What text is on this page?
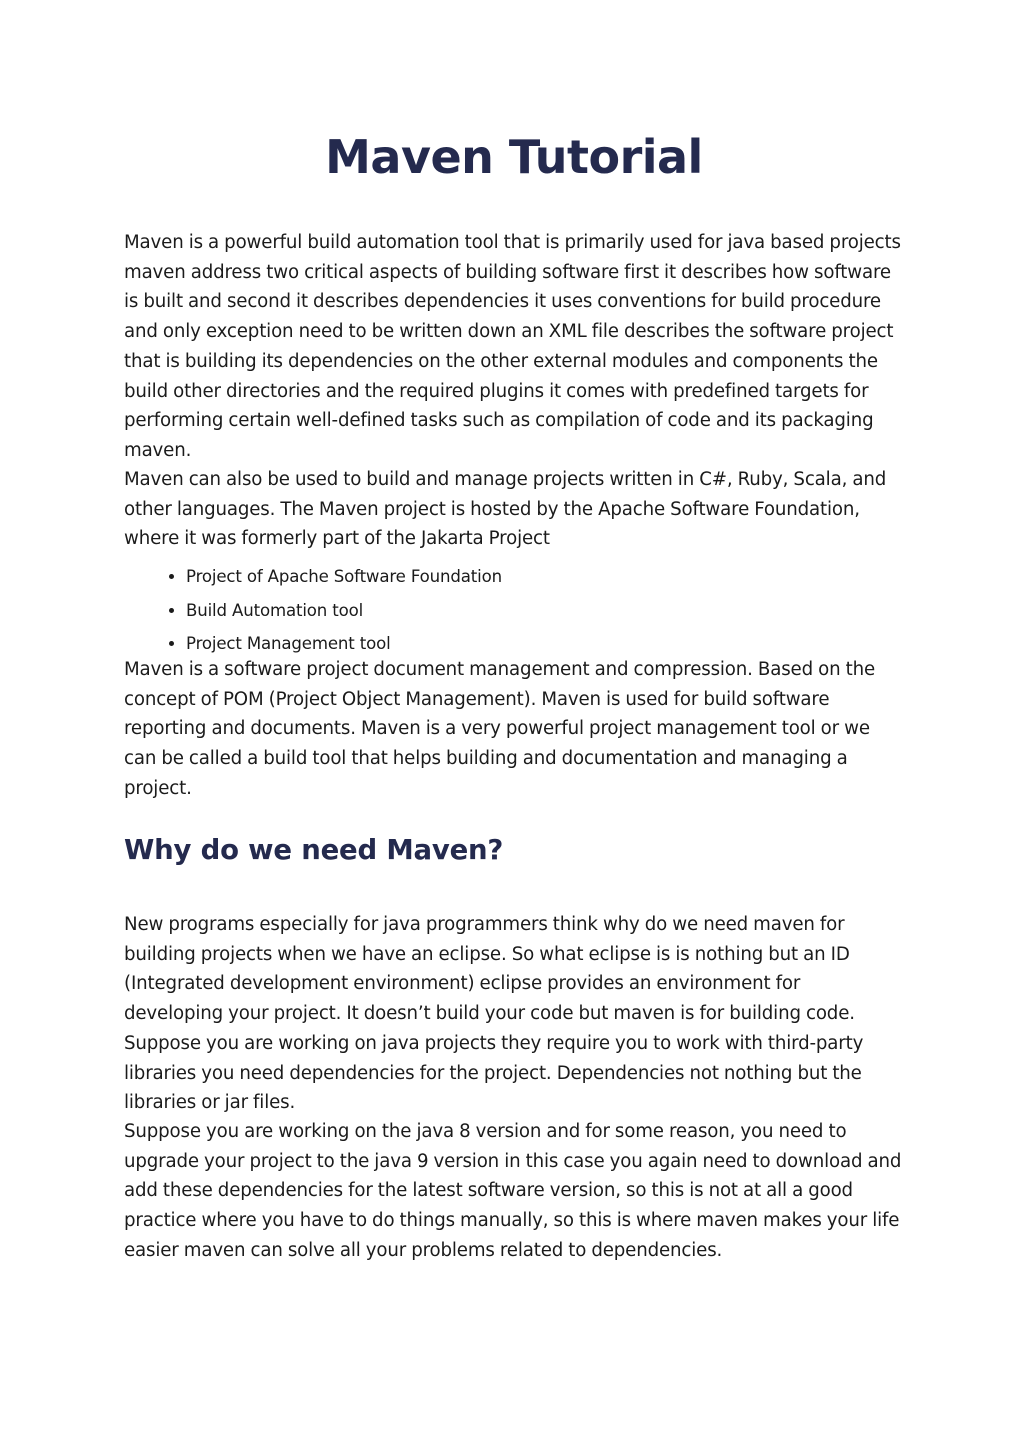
Maven Tutorial

Maven is a powerful build automation tool that is primarily used for java based projects maven address two critical aspects of building software first it describes how software is built and second it describes dependencies it uses conventions for build procedure and only exception need to be written down an XML file describes the software project that is building its dependencies on the other external modules and components the build other directories and the required plugins it comes with predefined targets for performing certain well-defined tasks such as compilation of code and its packaging maven.

Maven can also be used to build and manage projects written in C#, Ruby, Scala, and other languages. The Maven project is hosted by the Apache Software Foundation, where it was formerly part of the Jakarta Project

• Project of Apache Software Foundation
• Build Automation tool
• Project Management tool

Maven is a software project document management and compression. Based on the concept of POM (Project Object Management). Maven is used for build software reporting and documents. Maven is a very powerful project management tool or we can be called a build tool that helps building and documentation and managing a project.

Why do we need Maven?

New programs especially for java programmers think why do we need maven for building projects when we have an eclipse. So what eclipse is is nothing but an ID (Integrated development environment) eclipse provides an environment for developing your project. It doesn’t build your code but maven is for building code. Suppose you are working on java projects they require you to work with third-party libraries you need dependencies for the project. Dependencies not nothing but the libraries or jar files.

Suppose you are working on the java 8 version and for some reason, you need to upgrade your project to the java 9 version in this case you again need to download and add these dependencies for the latest software version, so this is not at all a good practice where you have to do things manually, so this is where maven makes your life easier maven can solve all your problems related to dependencies.
